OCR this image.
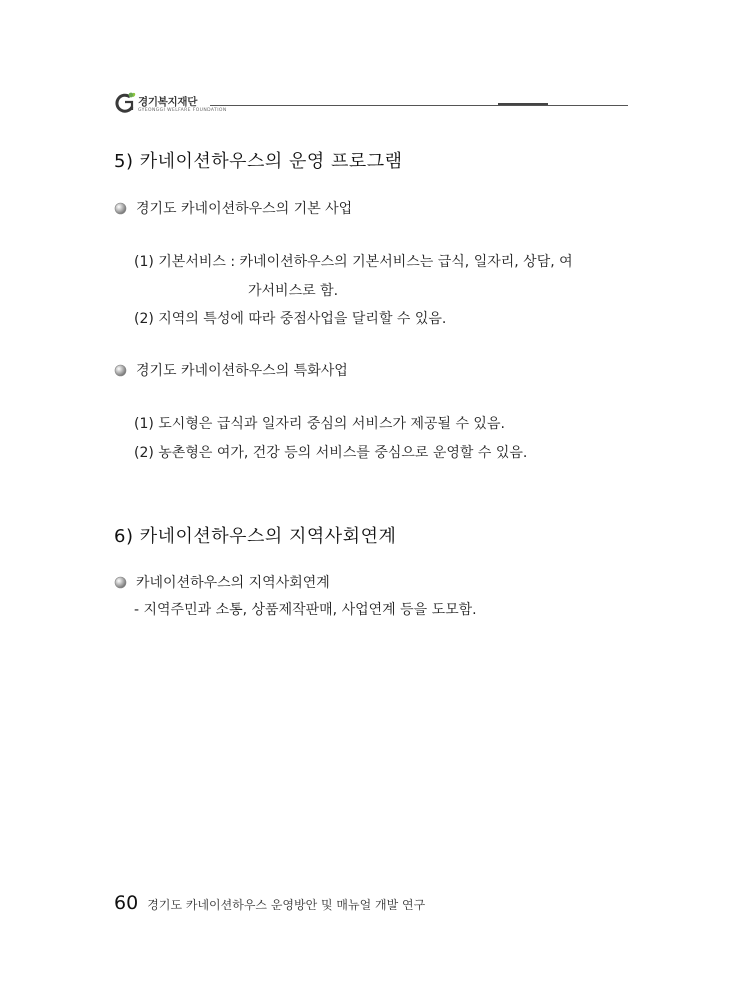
경기복지재단
GYEONGGI WELFARE FOUNDATION
5) 카네이션하우스의 운영 프로그램
경기도 카네이션하우스의 기본 사업
(1) 기본서비스 : 카네이션하우스의 기본서비스는 급식, 일자리, 상담, 여
가서비스로 함.
(2) 지역의 특성에 따라 중점사업을 달리할 수 있음.
경기도 카네이션하우스의 특화사업
(1) 도시형은 급식과 일자리 중심의 서비스가 제공될 수 있음.
(2) 농촌형은 여가, 건강 등의 서비스를 중심으로 운영할 수 있음.
6) 카네이션하우스의 지역사회연계
카네이션하우스의 지역사회연계
- 지역주민과 소통, 상품제작판매, 사업연계 등을 도모함.
60 경기도 카네이션하우스 운영방안 및 매뉴얼 개발 연구
